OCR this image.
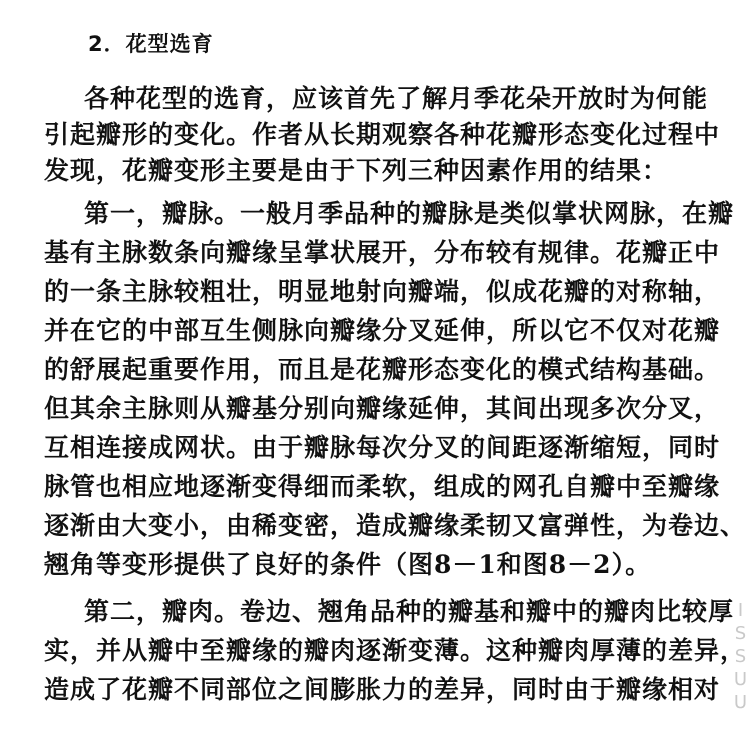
2．花型选育
各种花型的选育，应该首先了解月季花朵开放时为何能
引起瓣形的变化。作者从长期观察各种花瓣形态变化过程中
发现，花瓣变形主要是由于下列三种因素作用的结果：
第一，瓣脉。一般月季品种的瓣脉是类似掌状网脉，在瓣
基有主脉数条向瓣缘呈掌状展开，分布较有规律。花瓣正中
的一条主脉较粗壮，明显地射向瓣端，似成花瓣的对称轴，
并在它的中部互生侧脉向瓣缘分叉延伸，所以它不仅对花瓣
的舒展起重要作用，而且是花瓣形态变化的模式结构基础。
但其余主脉则从瓣基分别向瓣缘延伸，其间出现多次分叉，
互相连接成网状。由于瓣脉每次分叉的间距逐渐缩短，同时
脉管也相应地逐渐变得细而柔软，组成的网孔自瓣中至瓣缘
逐渐由大变小，由稀变密，造成瓣缘柔韧又富弹性，为卷边、
翘角等变形提供了良好的条件（图8－1和图8－2）。
第二，瓣肉。卷边、翘角品种的瓣基和瓣中的瓣肉比较厚
实，并从瓣中至瓣缘的瓣肉逐渐变薄。这种瓣肉厚薄的差异，
造成了花瓣不同部位之间膨胀力的差异，同时由于瓣缘相对 ISSUU
